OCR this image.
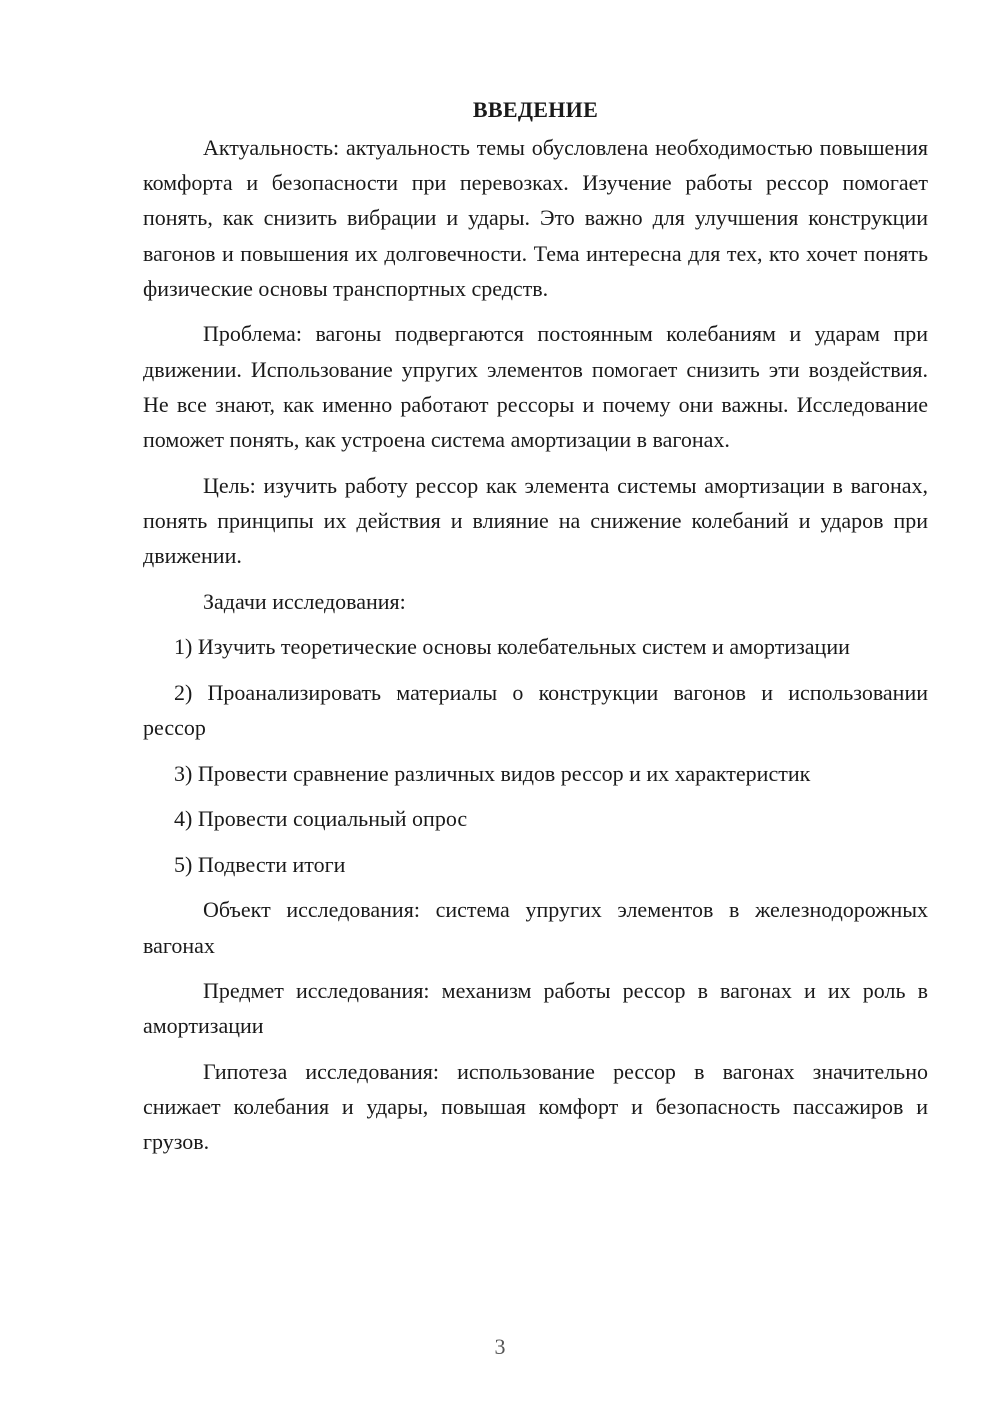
ВВЕДЕНИЕ

Актуальность: актуальность темы обусловлена необходимостью повышения комфорта и безопасности при перевозках. Изучение работы рессор помогает понять, как снизить вибрации и удары. Это важно для улучшения конструкции вагонов и повышения их долговечности. Тема интересна для тех, кто хочет понять физические основы транспортных средств.

Проблема: вагоны подвергаются постоянным колебаниям и ударам при движении. Использование упругих элементов помогает снизить эти воздействия. Не все знают, как именно работают рессоры и почему они важны. Исследование поможет понять, как устроена система амортизации в вагонах.

Цель: изучить работу рессор как элемента системы амортизации в вагонах, понять принципы их действия и влияние на снижение колебаний и ударов при движении.

Задачи исследования:

1) Изучить теоретические основы колебательных систем и амортизации

2) Проанализировать материалы о конструкции вагонов и использовании рессор

3) Провести сравнение различных видов рессор и их характеристик

4) Провести социальный опрос

5) Подвести итоги

Объект исследования: система упругих элементов в железнодорожных вагонах

Предмет исследования: механизм работы рессор в вагонах и их роль в амортизации

Гипотеза исследования: использование рессор в вагонах значительно снижает колебания и удары, повышая комфорт и безопасность пассажиров и грузов.

3
